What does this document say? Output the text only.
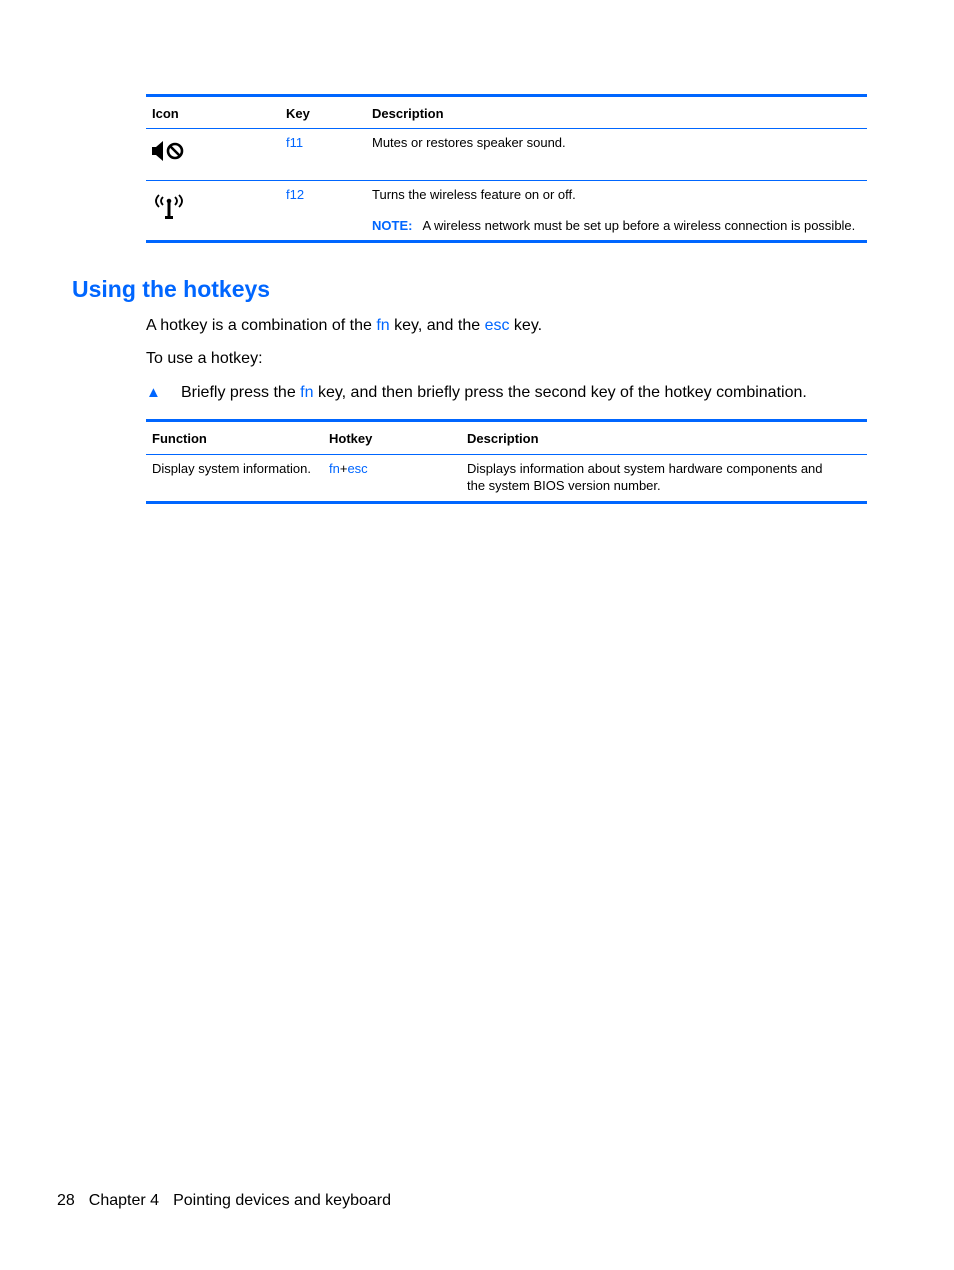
Icon	Key	Description

	f11	Mutes or restores speaker sound.

	f12	Turns the wireless feature on or off.
NOTE: A wireless network must be set up before a wireless connection is possible.
Using the hotkeys

A hotkey is a combination of the fn key, and the esc key.

To use a hotkey:

▲ Briefly press the fn key, and then briefly press the second key of the hotkey combination.
Function	Hotkey	Description
Display system information.	fn+esc	Displays information about system hardware components and the system BIOS version number.
28 Chapter 4 Pointing devices and keyboard
